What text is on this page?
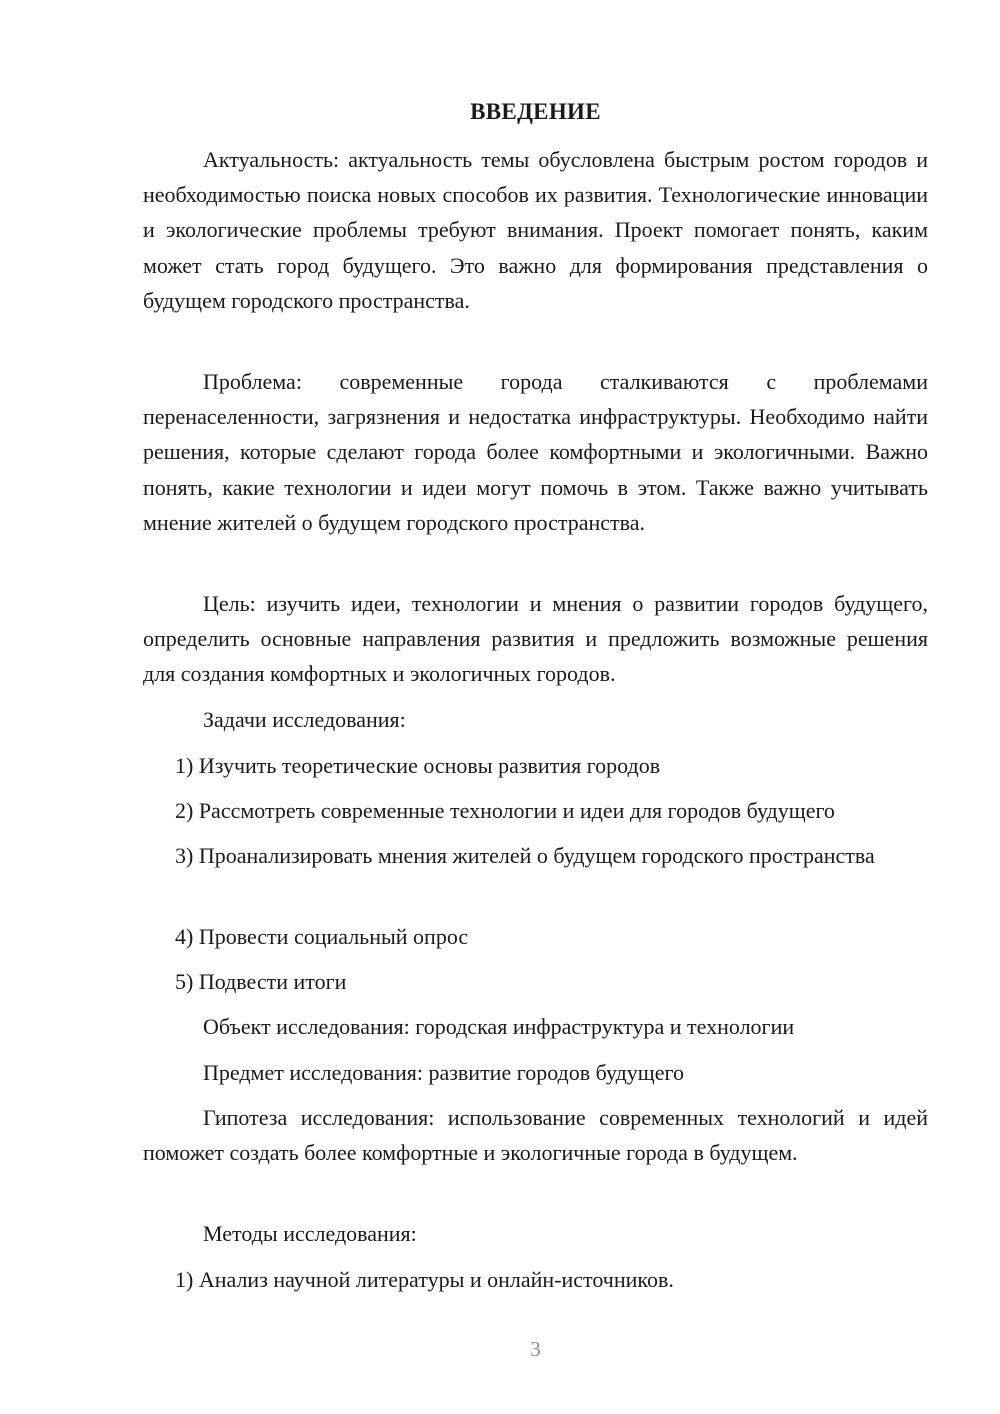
ВВЕДЕНИЕ

Актуальность: актуальность темы обусловлена быстрым ростом городов и необходимостью поиска новых способов их развития. Технологические инновации и экологические проблемы требуют внимания. Проект помогает понять, каким может стать город будущего. Это важно для формирования представления о будущем городского пространства.

Проблема: современные города сталкиваются с проблемами перенаселенности, загрязнения и недостатка инфраструктуры. Необходимо найти решения, которые сделают города более комфортными и экологичными. Важно понять, какие технологии и идеи могут помочь в этом. Также важно учитывать мнение жителей о будущем городского пространства.

Цель: изучить идеи, технологии и мнения о развитии городов будущего, определить основные направления развития и предложить возможные решения для создания комфортных и экологичных городов.

Задачи исследования:

1) Изучить теоретические основы развития городов

2) Рассмотреть современные технологии и идеи для городов будущего

3) Проанализировать мнения жителей о будущем городского пространства

4) Провести социальный опрос

5) Подвести итоги

Объект исследования: городская инфраструктура и технологии

Предмет исследования: развитие городов будущего

Гипотеза исследования: использование современных технологий и идей поможет создать более комфортные и экологичные города в будущем.

Методы исследования:

1) Анализ научной литературы и онлайн-источников.

3
